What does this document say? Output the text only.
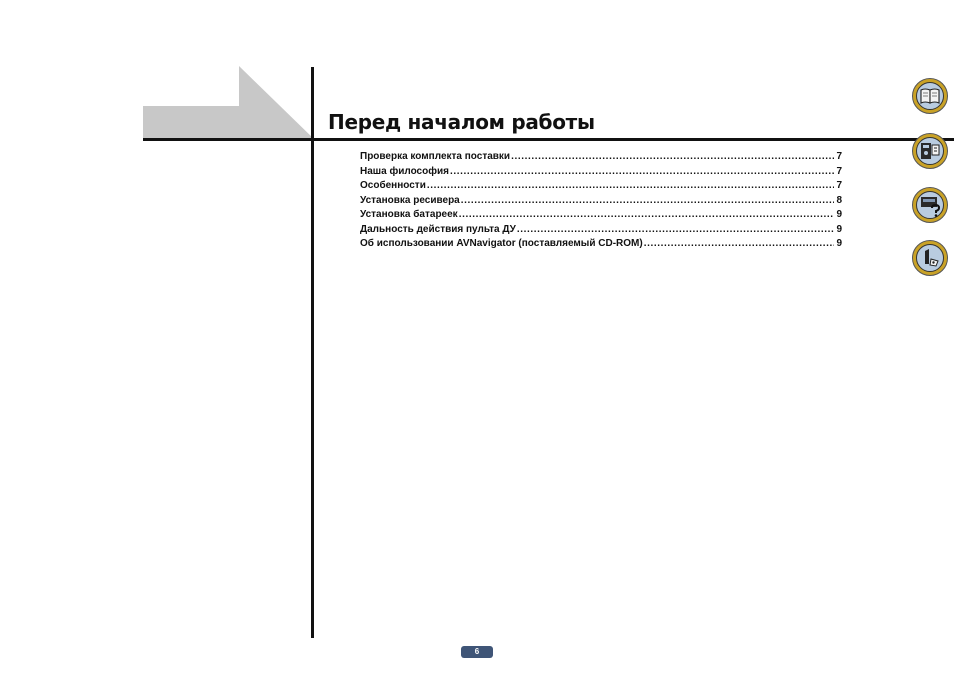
Перед началом работы
Проверка комплекта поставки .....	7
Наша философия .....	7
Особенности .....	7
Установка ресивера .....	8
Установка батареек .....	9
Дальность действия пульта ДУ .....	9
Об использовании AVNavigator (поставляемый CD-ROM) .....	9
6
